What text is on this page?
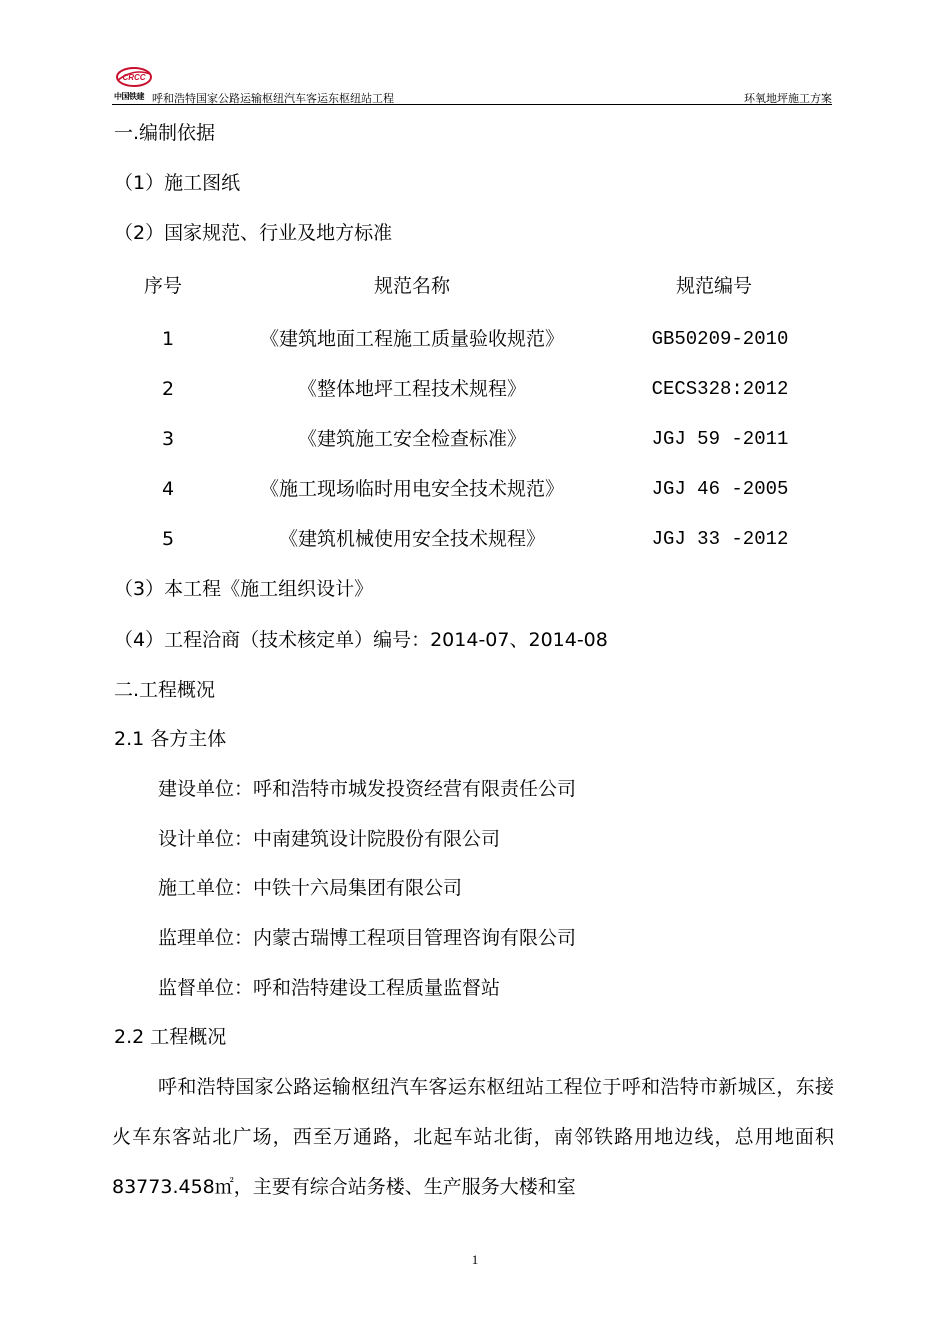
CRCC
中国铁建 呼和浩特国家公路运输枢纽汽车客运东枢纽站工程	环氧地坪施工方案
一.编制依据
（1）施工图纸
（2）国家规范、行业及地方标准
序号	规范名称	规范编号
1	《建筑地面工程施工质量验收规范》	GB50209-2010
2	《整体地坪工程技术规程》	CECS328:2012
3	《建筑施工安全检查标准》	JGJ 59 -2011
4	《施工现场临时用电安全技术规范》	JGJ 46 -2005
5	《建筑机械使用安全技术规程》	JGJ 33 -2012
（3）本工程《施工组织设计》
（4）工程洽商（技术核定单）编号：2014-07、2014-08
二.工程概况
2.1 各方主体
建设单位：呼和浩特市城发投资经营有限责任公司
设计单位：中南建筑设计院股份有限公司
施工单位：中铁十六局集团有限公司
监理单位：内蒙古瑞博工程项目管理咨询有限公司
监督单位：呼和浩特建设工程质量监督站
2.2 工程概况
呼和浩特国家公路运输枢纽汽车客运东枢纽站工程位于呼和浩特市新城区，东接火车东客站北广场，西至万通路，北起车站北街，南邻铁路用地边线，总用地面积83773.458㎡，主要有综合站务楼、生产服务大楼和室
1
